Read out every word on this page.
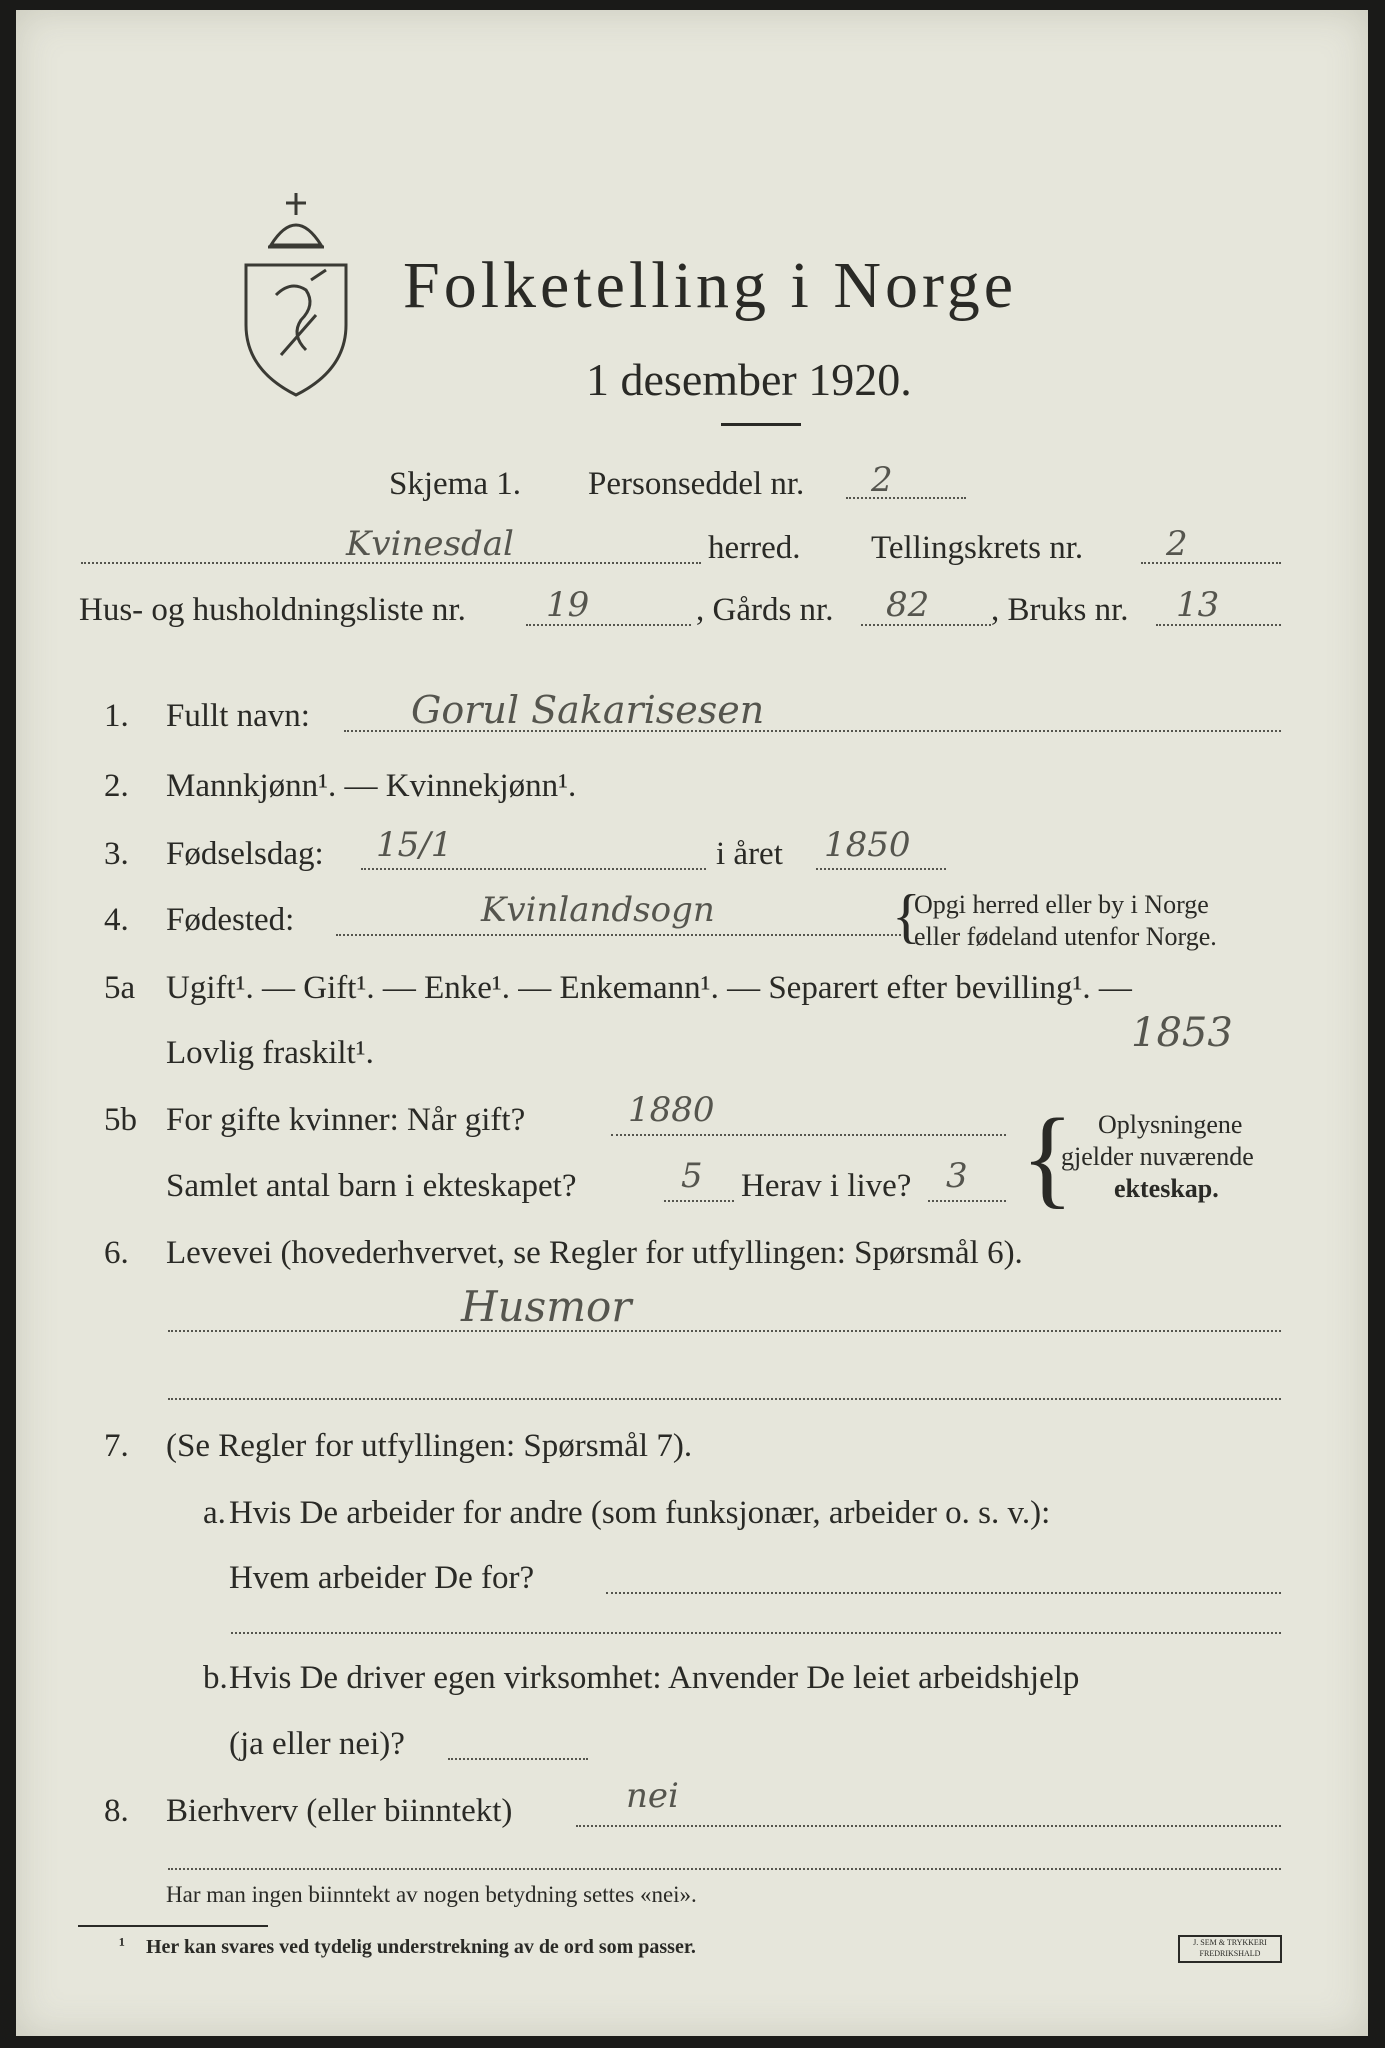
Folketelling i Norge
1 desember 1920.
Skjema 1. Personseddel nr. 2
Kvinesdal	herred. Tellingskrets nr. 2
Hus- og husholdningsliste nr. 19	, Gårds nr. 82 , Bruks nr. 13
1. Fullt navn:	Gorul Sakarisesen
2. Mannkjønn¹. — Kvinnekjønn¹.
3. Fødselsdag: 15/1	i året 1850
4. Fødested:	Kvinlandsogn	{
Opgi herred eller by i Norge
eller fødeland utenfor Norge.
5a Ugift¹. — Gift¹. — Enke¹. — Enkemann¹. — Separert efter bevilling¹. —
Lovlig fraskilt¹.	1853
5b For gifte kvinner: Når gift?	1880
Samlet antal barn i ekteskapet?	5 Herav i live? 3 { Oplysningene
gjelder nuværende
ekteskap.
6. Levevei (hovederhvervet, se Regler for utfyllingen: Spørsmål 6).
Husmor
7. (Se Regler for utfyllingen: Spørsmål 7).
a. Hvis De arbeider for andre (som funksjonær, arbeider o. s. v.):
Hvem arbeider De for?
b. Hvis De driver egen virksomhet: Anvender De leiet arbeidshjelp
(ja eller nei)?
8. Bierhverv (eller biinntekt)	nei
Har man ingen biinntekt av nogen betydning settes «nei».
¹ Her kan svares ved tydelig understrekning av de ord som passer.	J. SEM & TRYKKERI FREDRIKSHALD
